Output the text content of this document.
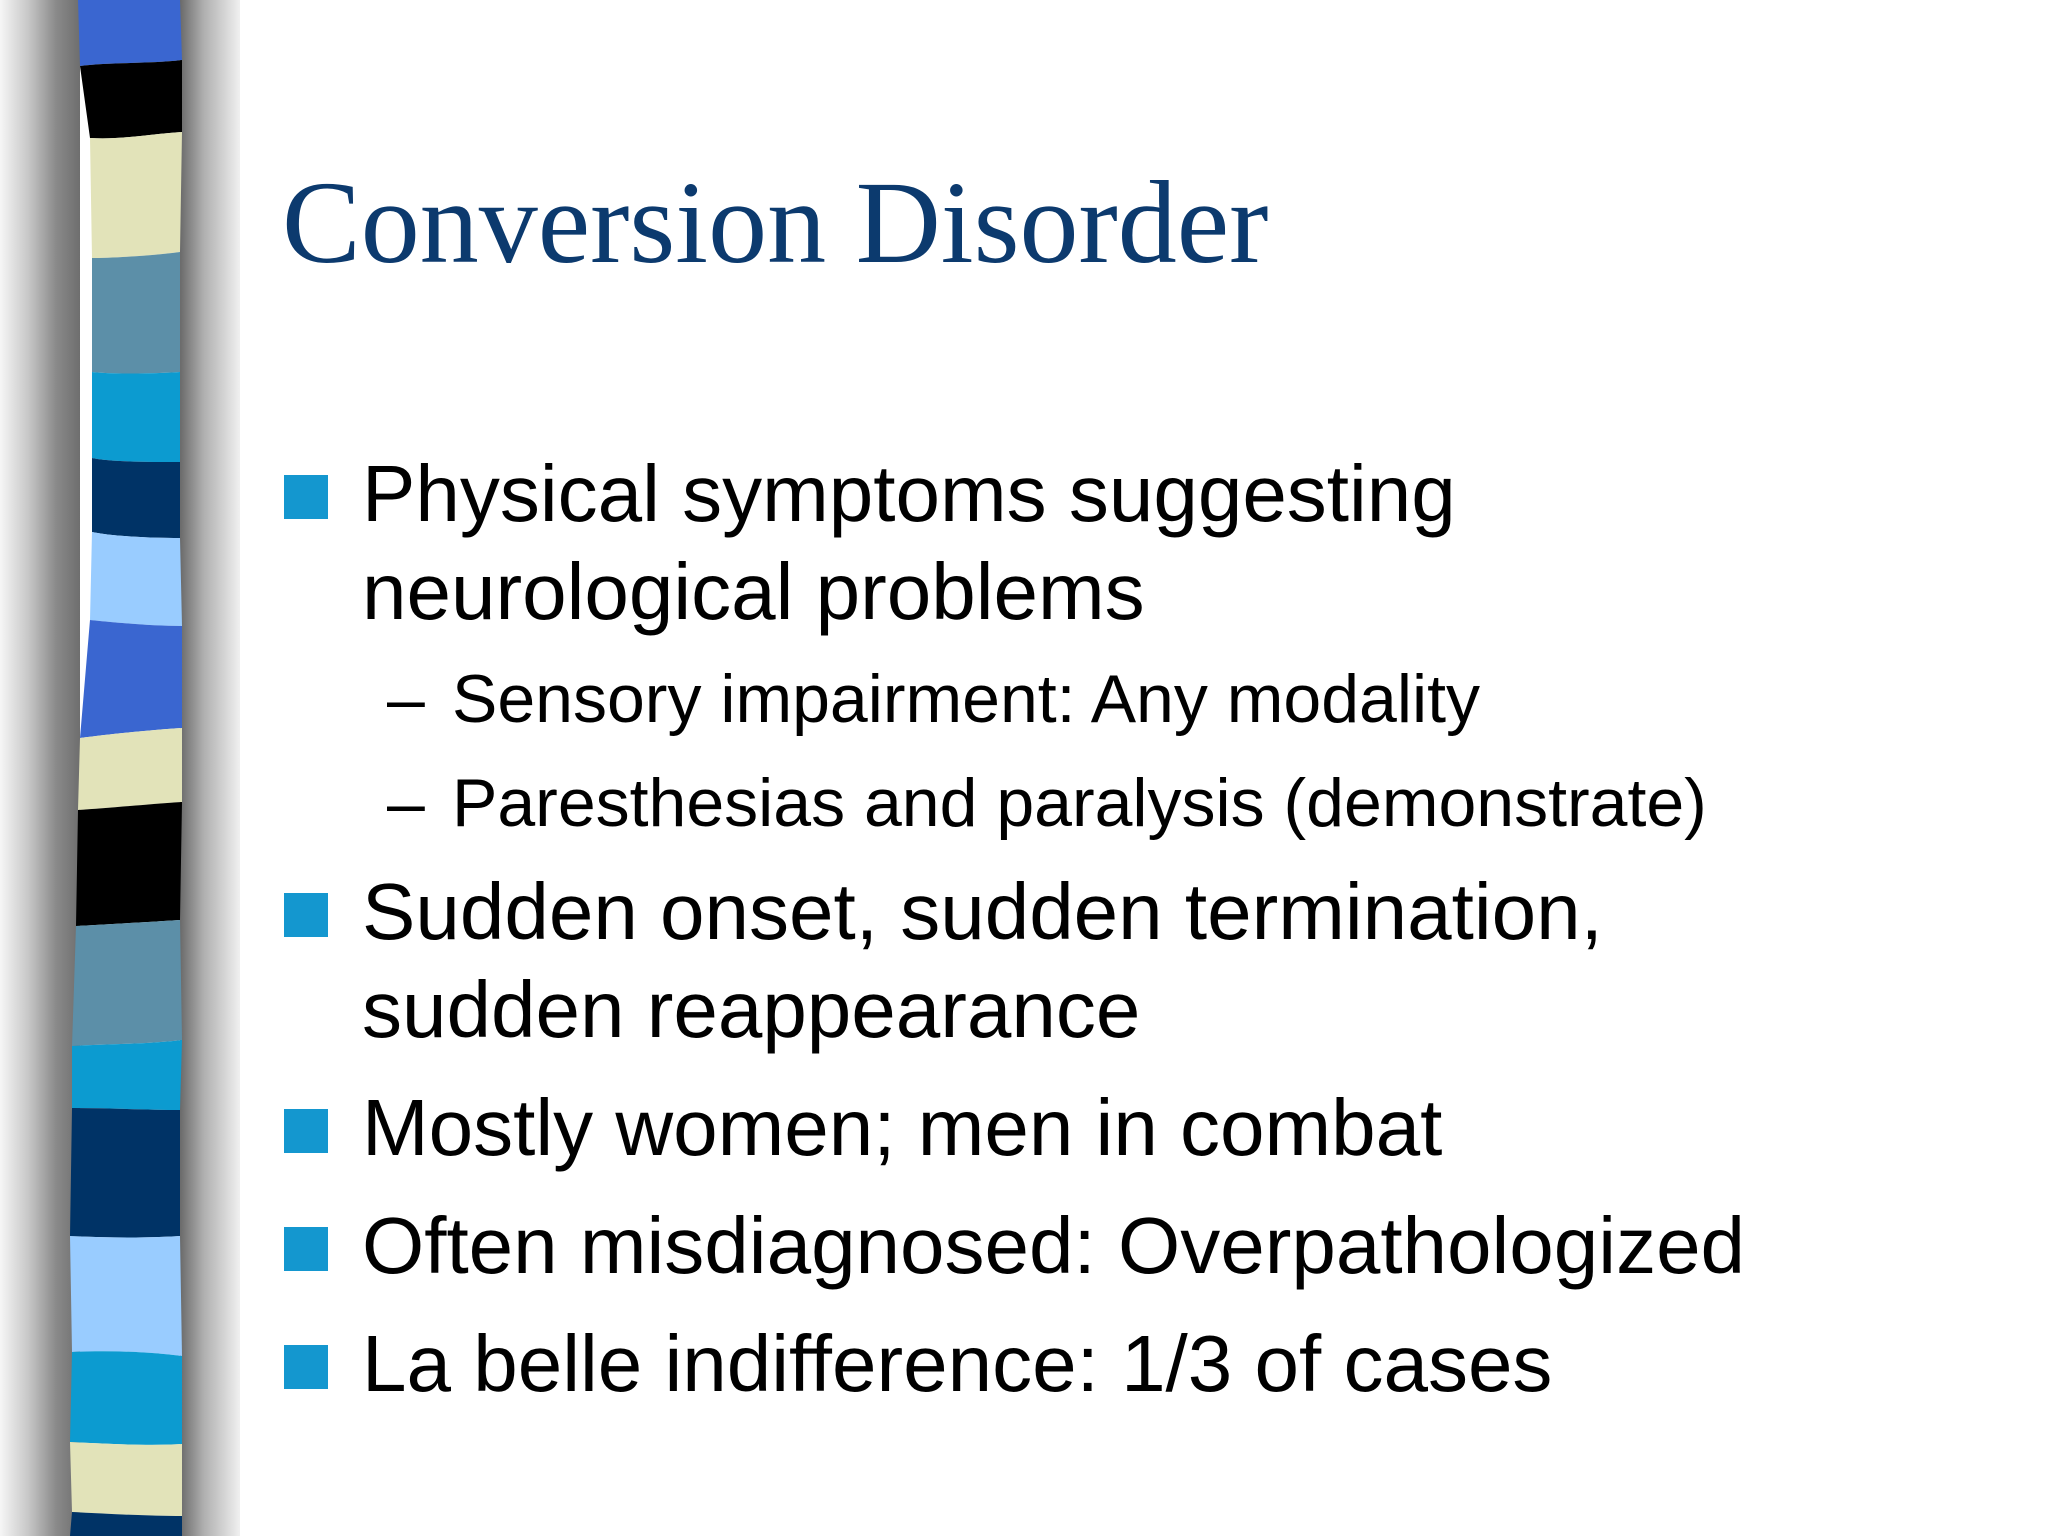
Conversion Disorder
Physical symptoms suggesting
neurological problems
– Sensory impairment: Any modality
– Paresthesias and paralysis (demonstrate)
Sudden onset, sudden termination,
sudden reappearance
Mostly women; men in combat
Often misdiagnosed: Overpathologized
La belle indifference: 1/3 of cases
